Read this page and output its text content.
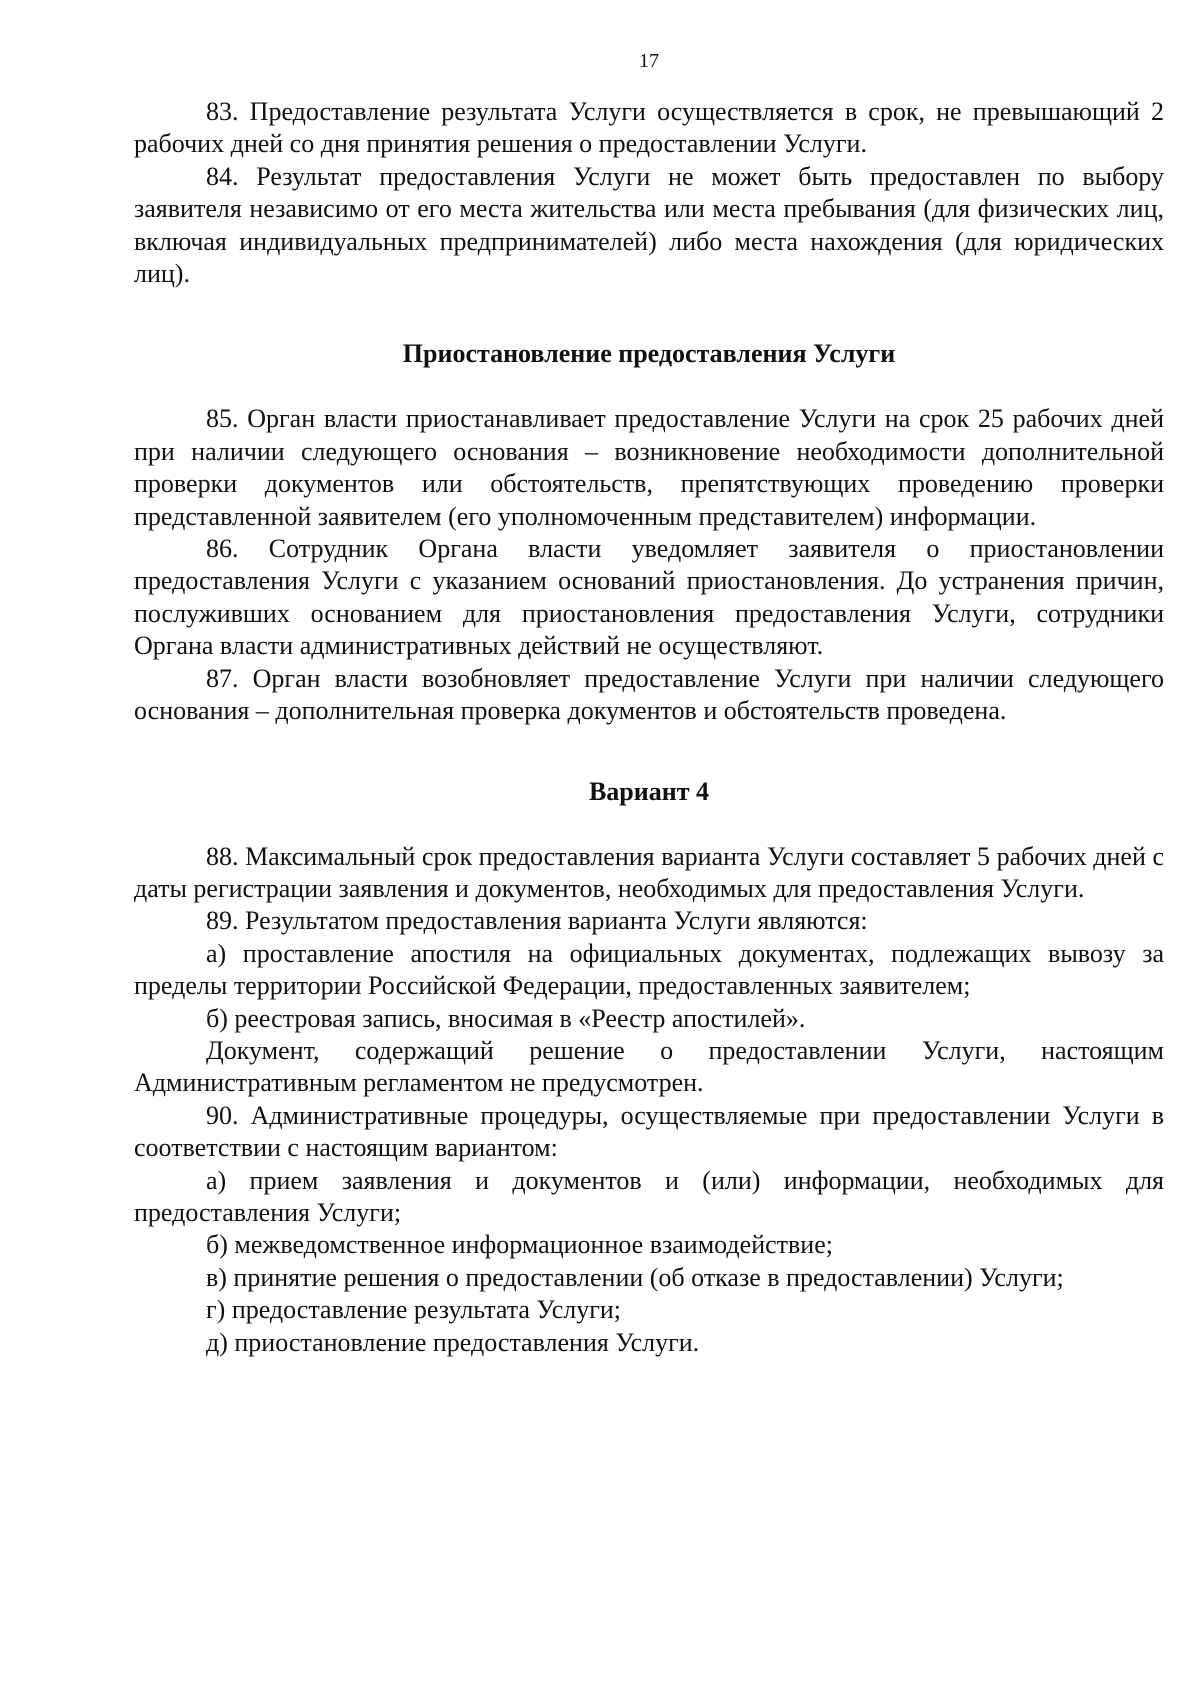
17

83. Предоставление результата Услуги осуществляется в срок, не превышающий 2 рабочих дней со дня принятия решения о предоставлении Услуги.

84. Результат предоставления Услуги не может быть предоставлен по выбору заявителя независимо от его места жительства или места пребывания (для физических лиц, включая индивидуальных предпринимателей) либо места нахождения (для юридических лиц).

Приостановление предоставления Услуги

85. Орган власти приостанавливает предоставление Услуги на срок 25 рабочих дней при наличии следующего основания – возникновение необходимости дополнительной проверки документов или обстоятельств, препятствующих проведению проверки представленной заявителем (его уполномоченным представителем) информации.

86. Сотрудник Органа власти уведомляет заявителя о приостановлении предоставления Услуги с указанием оснований приостановления. До устранения причин, послуживших основанием для приостановления предоставления Услуги, сотрудники Органа власти административных действий не осуществляют.

87. Орган власти возобновляет предоставление Услуги при наличии следующего основания – дополнительная проверка документов и обстоятельств проведена.

Вариант 4

88. Максимальный срок предоставления варианта Услуги составляет 5 рабочих дней с даты регистрации заявления и документов, необходимых для предоставления Услуги.

89. Результатом предоставления варианта Услуги являются:

а) проставление апостиля на официальных документах, подлежащих вывозу за пределы территории Российской Федерации, предоставленных заявителем;

б) реестровая запись, вносимая в «Реестр апостилей».

Документ, содержащий решение о предоставлении Услуги, настоящим Административным регламентом не предусмотрен.

90. Административные процедуры, осуществляемые при предоставлении Услуги в соответствии с настоящим вариантом:

а) прием заявления и документов и (или) информации, необходимых для предоставления Услуги;

б) межведомственное информационное взаимодействие;

в) принятие решения о предоставлении (об отказе в предоставлении) Услуги;

г) предоставление результата Услуги;

д) приостановление предоставления Услуги.
